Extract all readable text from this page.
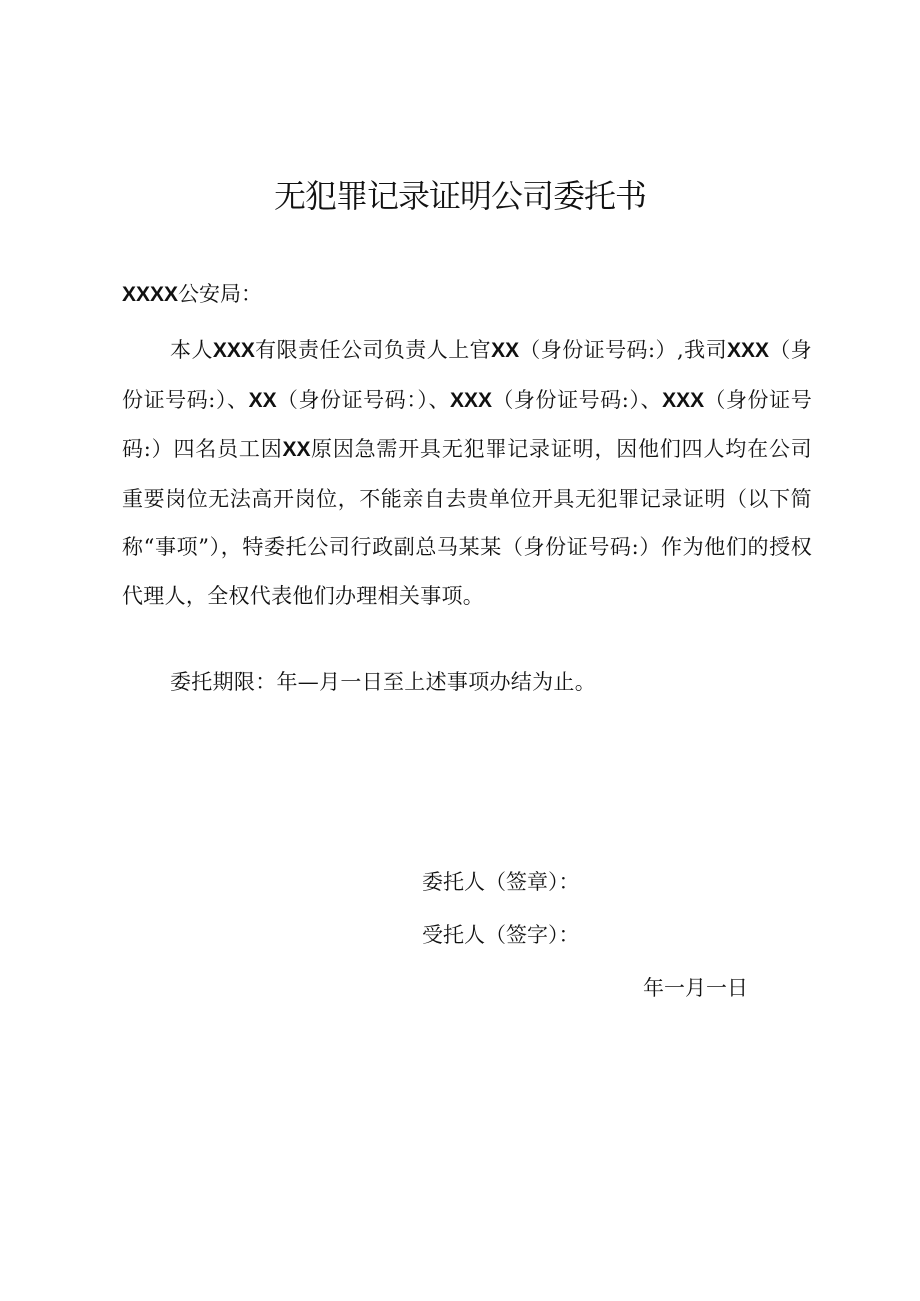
无犯罪记录证明公司委托书
XXXX公安局：

本人XXX有限责任公司负责人上官XX（身份证号码:）,我司XXX（身份证号码:）、XX（身份证号码：）、XXX（身份证号码:）、XXX（身份证号码:）四名员工因XX原因急需开具无犯罪记录证明，因他们四人均在公司重要岗位无法高开岗位，不能亲自去贵单位开具无犯罪记录证明（以下简称“事项”），特委托公司行政副总马某某（身份证号码:）作为他们的授权代理人，全权代表他们办理相关事项。

委托期限：年—月一日至上述事项办结为止。
委托人（签章）：
受托人（签字）：
年一月一日
